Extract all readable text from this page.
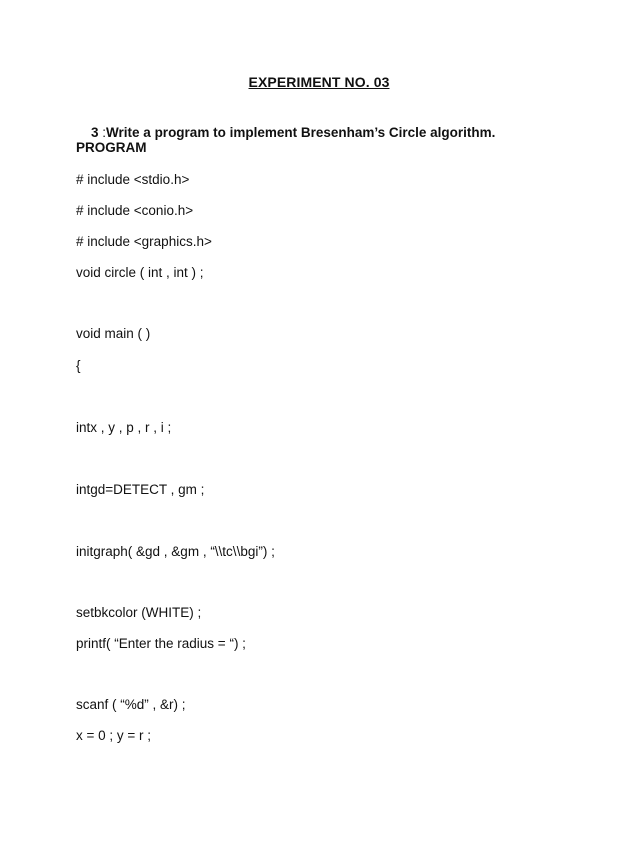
EXPERIMENT NO. 03

3 :Write a program to implement Bresenham’s Circle algorithm.

PROGRAM
# include <stdio.h>
# include <conio.h>
# include <graphics.h>
void circle ( int , int ) ;
void main ( )
{
intx , y , p , r , i ;
intgd=DETECT , gm ;
initgraph( &gd , &gm , “\\tc\\bgi”) ;
setbkcolor (WHITE) ;
printf( “Enter the radius = “) ;
scanf ( “%d” , &r) ;
x = 0 ; y = r ;
